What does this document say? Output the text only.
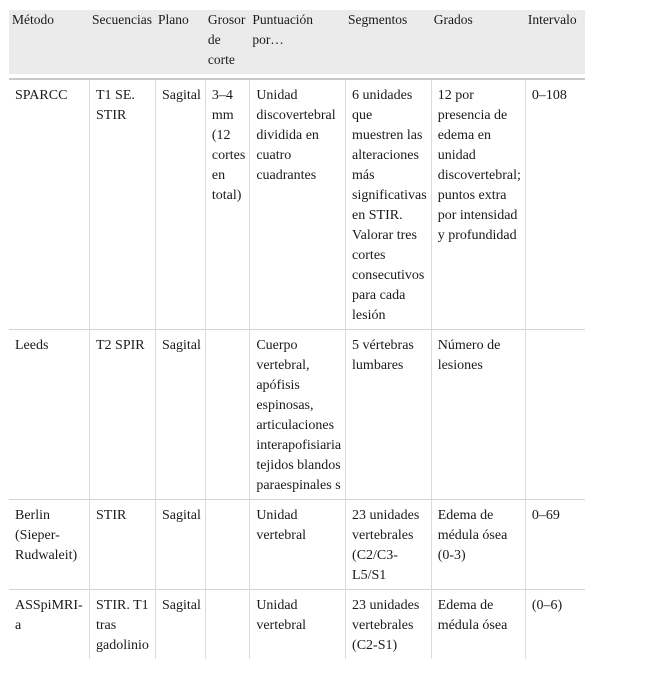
Método	Secuencias	Plano	Grosor de corte	Puntuación por…	Segmentos	Grados	Intervalo

SPARCC	T1 SE. STIR	Sagital	3–4 mm (12 cortes en total)	Unidad discovertebral dividida en cuatro cuadrantes	6 unidades que muestren las alteraciones más significativas en STIR. Valorar tres cortes consecutivos para cada lesión	12 por presencia de edema en unidad discovertebral; puntos extra por intensidad y profundidad	0–108
Leeds	T2 SPIR	Sagital		Cuerpo vertebral, apófisis espinosas, articulaciones interapofisiaria tejidos blandos paraespinales s	5 vértebras lumbares	Número de lesiones	
Berlin (Sieper-Rudwaleit)	STIR	Sagital		Unidad vertebral	23 unidades vertebrales (C2/C3-L5/S1	Edema de médula ósea (0-3)	0–69
ASSpiMRI-a	STIR. T1 tras gadolinio	Sagital		Unidad vertebral	23 unidades vertebrales (C2-S1)	Edema de médula ósea	(0–6)
